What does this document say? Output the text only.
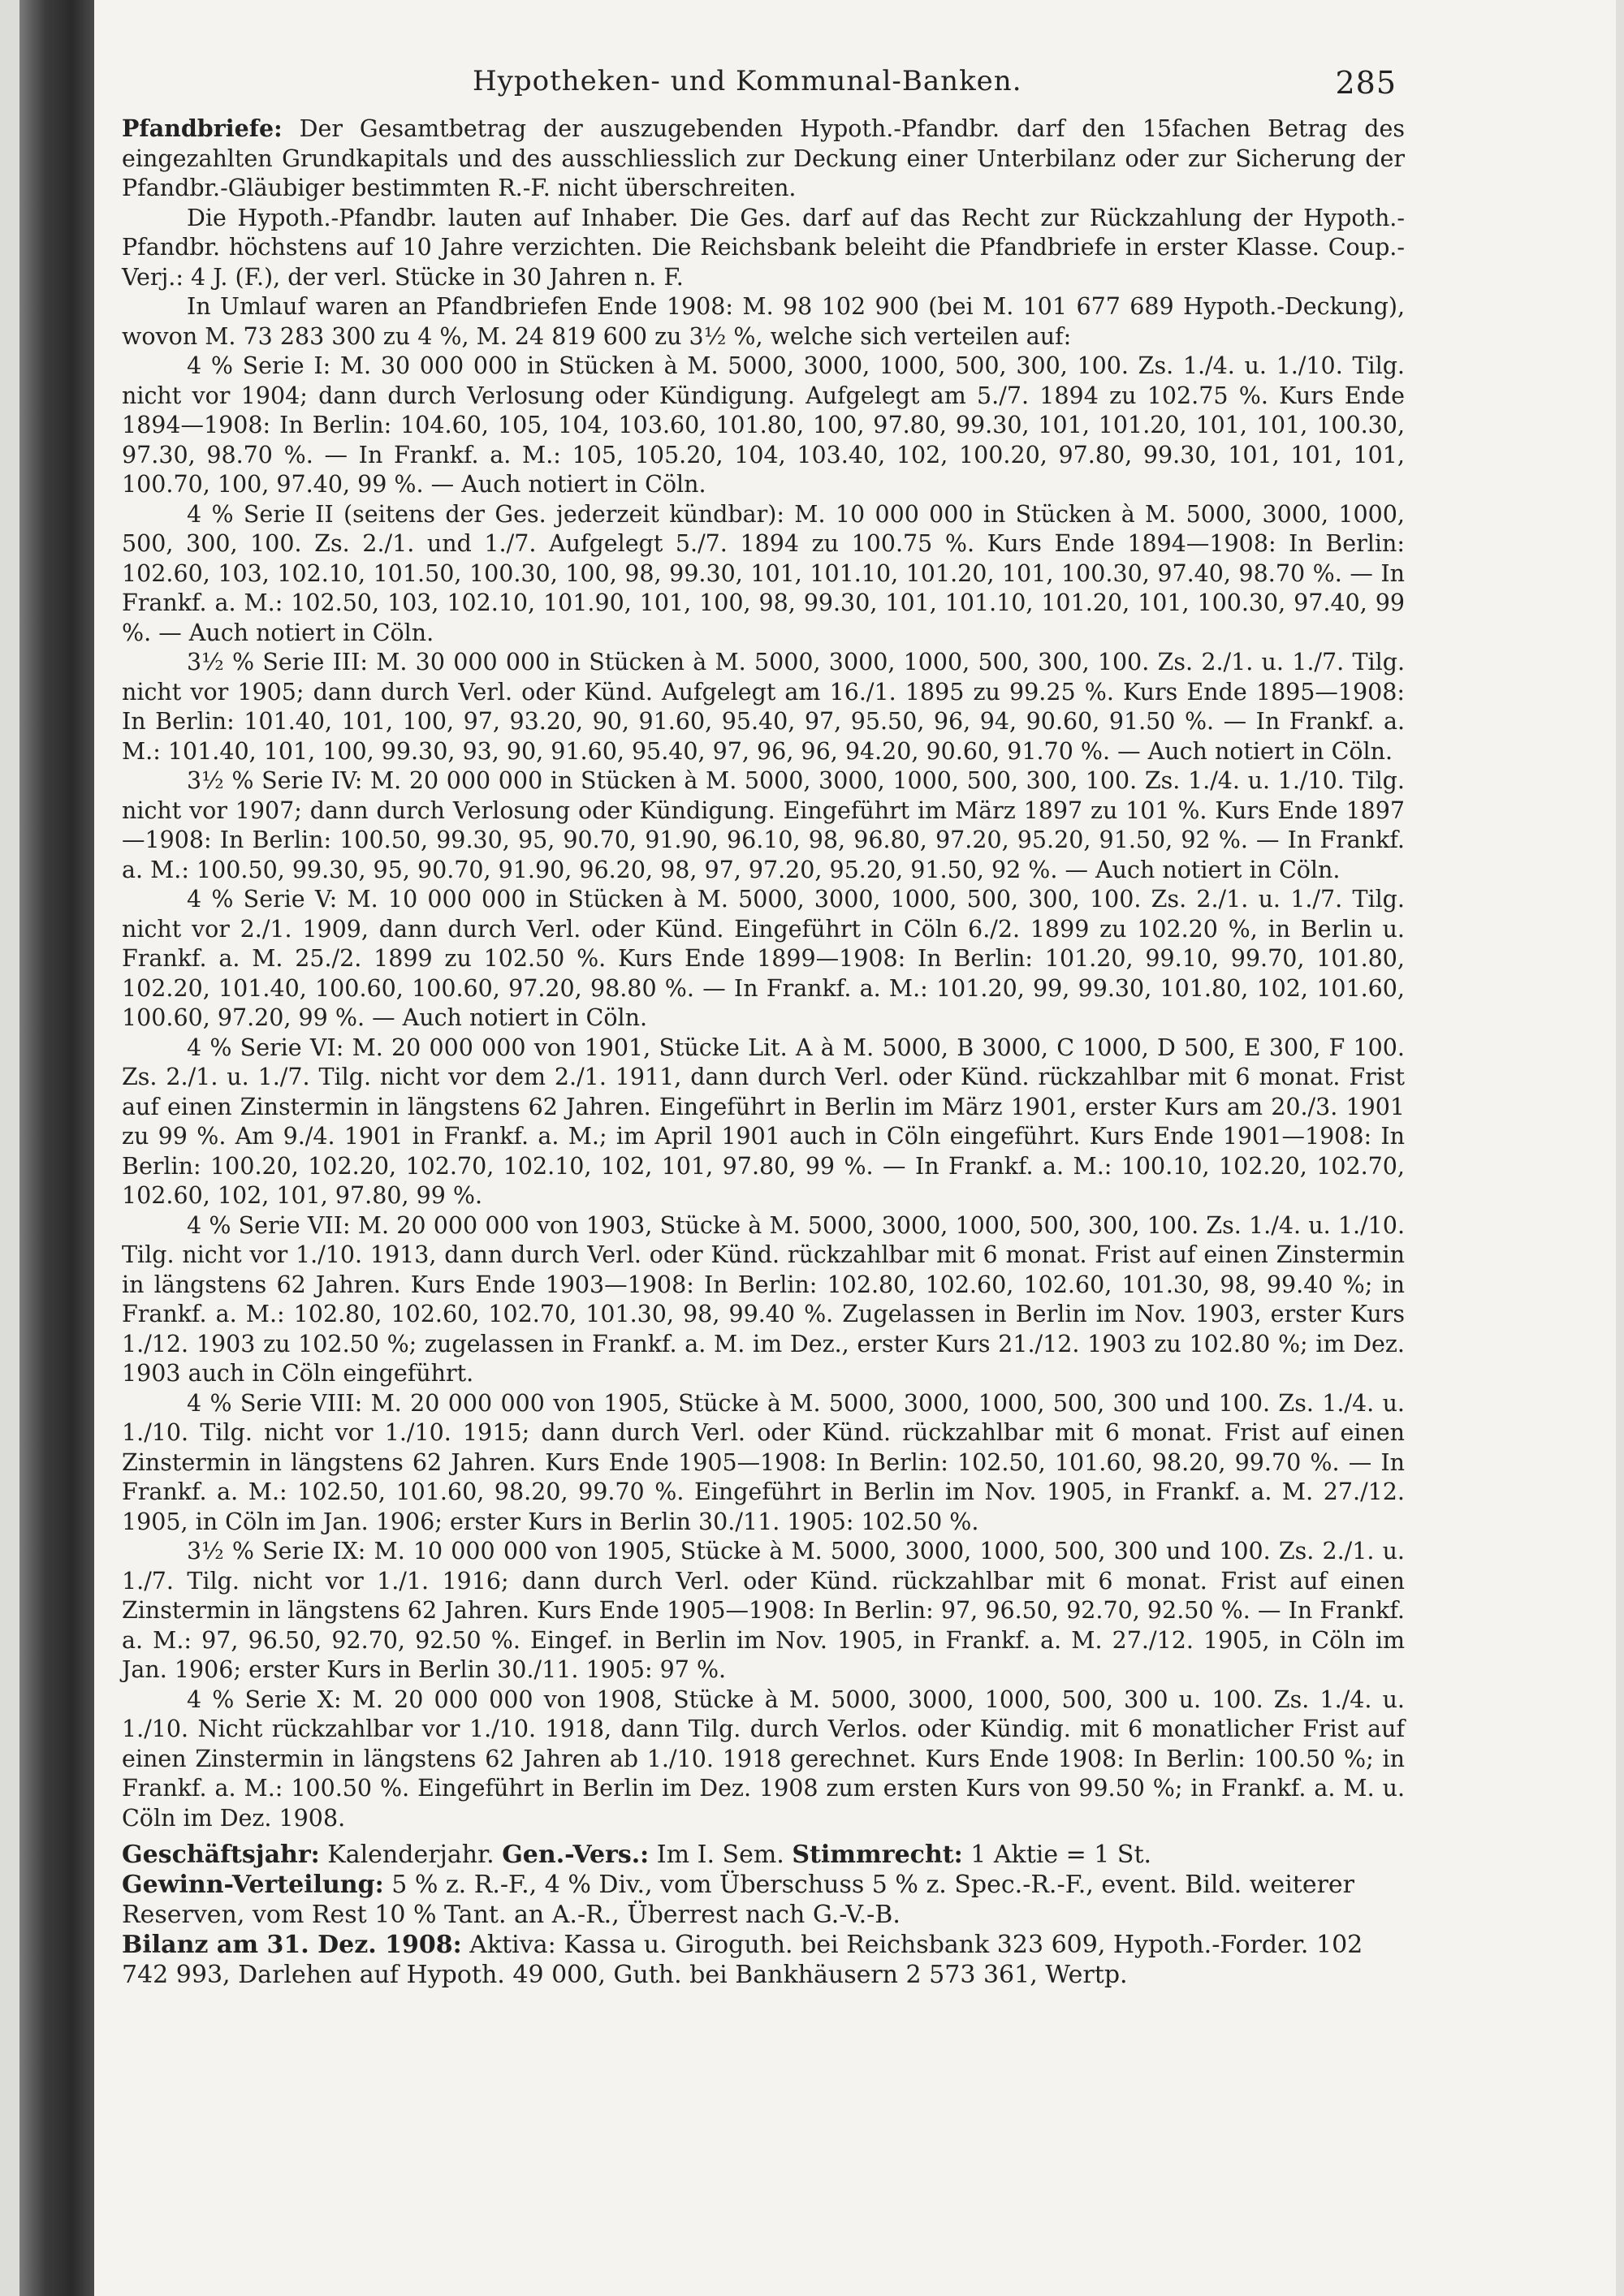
Hypotheken- und Kommunal-Banken.	285

Pfandbriefe: Der Gesamtbetrag der auszugebenden Hypoth.-Pfandbr. darf den 15fachen Betrag des eingezahlten Grundkapitals und des ausschliesslich zur Deckung einer Unterbilanz oder zur Sicherung der Pfandbr.-Gläubiger bestimmten R.-F. nicht überschreiten.

Die Hypoth.-Pfandbr. lauten auf Inhaber. Die Ges. darf auf das Recht zur Rückzahlung der Hypoth.-Pfandbr. höchstens auf 10 Jahre verzichten. Die Reichsbank beleiht die Pfandbriefe in erster Klasse. Coup.-Verj.: 4 J. (F.), der verl. Stücke in 30 Jahren n. F.

In Umlauf waren an Pfandbriefen Ende 1908: M. 98 102 900 (bei M. 101 677 689 Hypoth.-Deckung), wovon M. 73 283 300 zu 4 %, M. 24 819 600 zu 3½ %, welche sich verteilen auf:

4 % Serie I: M. 30 000 000 in Stücken à M. 5000, 3000, 1000, 500, 300, 100. Zs. 1./4. u. 1./10. Tilg. nicht vor 1904; dann durch Verlosung oder Kündigung. Aufgelegt am 5./7. 1894 zu 102.75 %. Kurs Ende 1894—1908: In Berlin: 104.60, 105, 104, 103.60, 101.80, 100, 97.80, 99.30, 101, 101.20, 101, 101, 100.30, 97.30, 98.70 %. — In Frankf. a. M.: 105, 105.20, 104, 103.40, 102, 100.20, 97.80, 99.30, 101, 101, 101, 100.70, 100, 97.40, 99 %. — Auch notiert in Cöln.

4 % Serie II (seitens der Ges. jederzeit kündbar): M. 10 000 000 in Stücken à M. 5000, 3000, 1000, 500, 300, 100. Zs. 2./1. und 1./7. Aufgelegt 5./7. 1894 zu 100.75 %. Kurs Ende 1894—1908: In Berlin: 102.60, 103, 102.10, 101.50, 100.30, 100, 98, 99.30, 101, 101.10, 101.20, 101, 100.30, 97.40, 98.70 %. — In Frankf. a. M.: 102.50, 103, 102.10, 101.90, 101, 100, 98, 99.30, 101, 101.10, 101.20, 101, 100.30, 97.40, 99 %. — Auch notiert in Cöln.

3½ % Serie III: M. 30 000 000 in Stücken à M. 5000, 3000, 1000, 500, 300, 100. Zs. 2./1. u. 1./7. Tilg. nicht vor 1905; dann durch Verl. oder Künd. Aufgelegt am 16./1. 1895 zu 99.25 %. Kurs Ende 1895—1908: In Berlin: 101.40, 101, 100, 97, 93.20, 90, 91.60, 95.40, 97, 95.50, 96, 94, 90.60, 91.50 %. — In Frankf. a. M.: 101.40, 101, 100, 99.30, 93, 90, 91.60, 95.40, 97, 96, 96, 94.20, 90.60, 91.70 %. — Auch notiert in Cöln.

3½ % Serie IV: M. 20 000 000 in Stücken à M. 5000, 3000, 1000, 500, 300, 100. Zs. 1./4. u. 1./10. Tilg. nicht vor 1907; dann durch Verlosung oder Kündigung. Eingeführt im März 1897 zu 101 %. Kurs Ende 1897—1908: In Berlin: 100.50, 99.30, 95, 90.70, 91.90, 96.10, 98, 96.80, 97.20, 95.20, 91.50, 92 %. — In Frankf. a. M.: 100.50, 99.30, 95, 90.70, 91.90, 96.20, 98, 97, 97.20, 95.20, 91.50, 92 %. — Auch notiert in Cöln.

4 % Serie V: M. 10 000 000 in Stücken à M. 5000, 3000, 1000, 500, 300, 100. Zs. 2./1. u. 1./7. Tilg. nicht vor 2./1. 1909, dann durch Verl. oder Künd. Eingeführt in Cöln 6./2. 1899 zu 102.20 %, in Berlin u. Frankf. a. M. 25./2. 1899 zu 102.50 %. Kurs Ende 1899—1908: In Berlin: 101.20, 99.10, 99.70, 101.80, 102.20, 101.40, 100.60, 100.60, 97.20, 98.80 %. — In Frankf. a. M.: 101.20, 99, 99.30, 101.80, 102, 101.60, 100.60, 97.20, 99 %. — Auch notiert in Cöln.

4 % Serie VI: M. 20 000 000 von 1901, Stücke Lit. A à M. 5000, B 3000, C 1000, D 500, E 300, F 100. Zs. 2./1. u. 1./7. Tilg. nicht vor dem 2./1. 1911, dann durch Verl. oder Künd. rückzahlbar mit 6 monat. Frist auf einen Zinstermin in längstens 62 Jahren. Eingeführt in Berlin im März 1901, erster Kurs am 20./3. 1901 zu 99 %. Am 9./4. 1901 in Frankf. a. M.; im April 1901 auch in Cöln eingeführt. Kurs Ende 1901—1908: In Berlin: 100.20, 102.20, 102.70, 102.10, 102, 101, 97.80, 99 %. — In Frankf. a. M.: 100.10, 102.20, 102.70, 102.60, 102, 101, 97.80, 99 %.

4 % Serie VII: M. 20 000 000 von 1903, Stücke à M. 5000, 3000, 1000, 500, 300, 100. Zs. 1./4. u. 1./10. Tilg. nicht vor 1./10. 1913, dann durch Verl. oder Künd. rückzahlbar mit 6 monat. Frist auf einen Zinstermin in längstens 62 Jahren. Kurs Ende 1903—1908: In Berlin: 102.80, 102.60, 102.60, 101.30, 98, 99.40 %; in Frankf. a. M.: 102.80, 102.60, 102.70, 101.30, 98, 99.40 %. Zugelassen in Berlin im Nov. 1903, erster Kurs 1./12. 1903 zu 102.50 %; zugelassen in Frankf. a. M. im Dez., erster Kurs 21./12. 1903 zu 102.80 %; im Dez. 1903 auch in Cöln eingeführt.

4 % Serie VIII: M. 20 000 000 von 1905, Stücke à M. 5000, 3000, 1000, 500, 300 und 100. Zs. 1./4. u. 1./10. Tilg. nicht vor 1./10. 1915; dann durch Verl. oder Künd. rückzahlbar mit 6 monat. Frist auf einen Zinstermin in längstens 62 Jahren. Kurs Ende 1905—1908: In Berlin: 102.50, 101.60, 98.20, 99.70 %. — In Frankf. a. M.: 102.50, 101.60, 98.20, 99.70 %. Eingeführt in Berlin im Nov. 1905, in Frankf. a. M. 27./12. 1905, in Cöln im Jan. 1906; erster Kurs in Berlin 30./11. 1905: 102.50 %.

3½ % Serie IX: M. 10 000 000 von 1905, Stücke à M. 5000, 3000, 1000, 500, 300 und 100. Zs. 2./1. u. 1./7. Tilg. nicht vor 1./1. 1916; dann durch Verl. oder Künd. rückzahlbar mit 6 monat. Frist auf einen Zinstermin in längstens 62 Jahren. Kurs Ende 1905—1908: In Berlin: 97, 96.50, 92.70, 92.50 %. — In Frankf. a. M.: 97, 96.50, 92.70, 92.50 %. Eingef. in Berlin im Nov. 1905, in Frankf. a. M. 27./12. 1905, in Cöln im Jan. 1906; erster Kurs in Berlin 30./11. 1905: 97 %.

4 % Serie X: M. 20 000 000 von 1908, Stücke à M. 5000, 3000, 1000, 500, 300 u. 100. Zs. 1./4. u. 1./10. Nicht rückzahlbar vor 1./10. 1918, dann Tilg. durch Verlos. oder Kündig. mit 6 monatlicher Frist auf einen Zinstermin in längstens 62 Jahren ab 1./10. 1918 gerechnet. Kurs Ende 1908: In Berlin: 100.50 %; in Frankf. a. M.: 100.50 %. Eingeführt in Berlin im Dez. 1908 zum ersten Kurs von 99.50 %; in Frankf. a. M. u. Cöln im Dez. 1908.

Geschäftsjahr: Kalenderjahr. Gen.-Vers.: Im I. Sem. Stimmrecht: 1 Aktie = 1 St.

Gewinn-Verteilung: 5 % z. R.-F., 4 % Div., vom Überschuss 5 % z. Spec.-R.-F., event. Bild. weiterer Reserven, vom Rest 10 % Tant. an A.-R., Überrest nach G.-V.-B.

Bilanz am 31. Dez. 1908: Aktiva: Kassa u. Giroguth. bei Reichsbank 323 609, Hypoth.-Forder. 102 742 993, Darlehen auf Hypoth. 49 000, Guth. bei Bankhäusern 2 573 361, Wertp.
